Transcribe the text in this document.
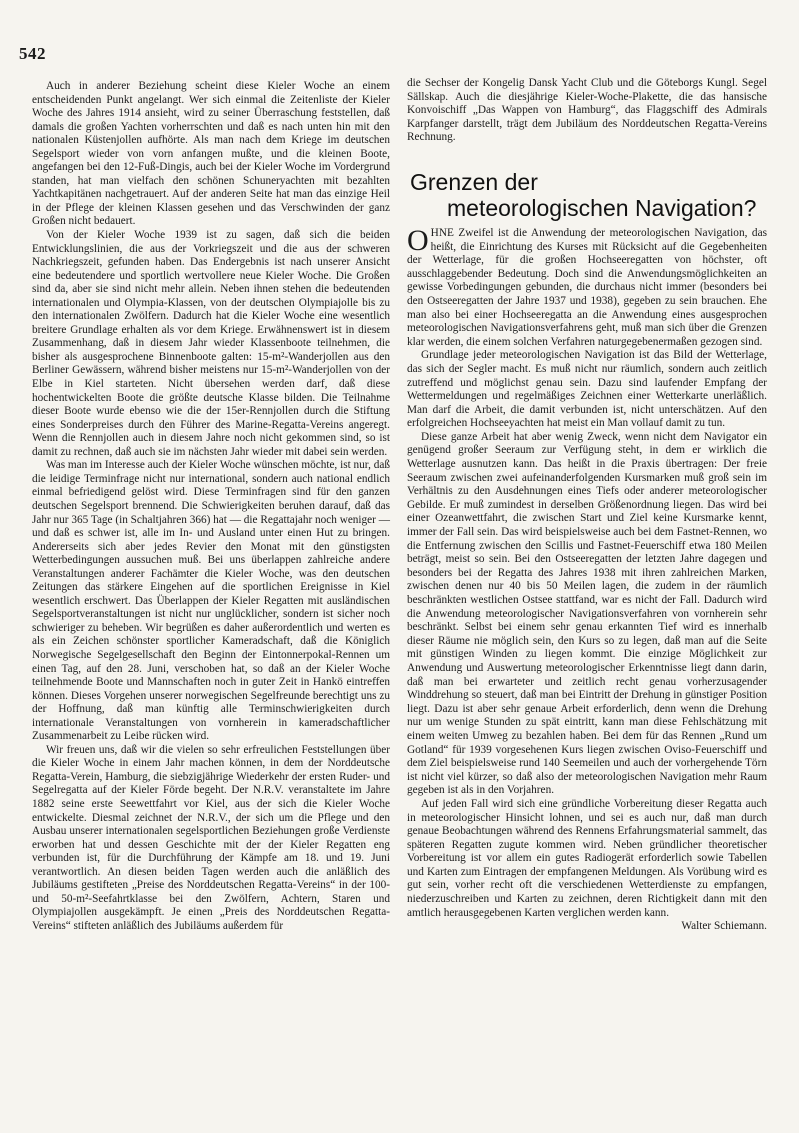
542

Auch in anderer Beziehung scheint diese Kieler Woche an einem entscheidenden Punkt angelangt. Wer sich einmal die Zeitenliste der Kieler Woche des Jahres 1914 ansieht, wird zu seiner Überraschung feststellen, daß damals die großen Yachten vorherrschten und daß es nach unten hin mit den nationalen Küstenjollen aufhörte. Als man nach dem Kriege im deutschen Segelsport wieder von vorn anfangen mußte, und die kleinen Boote, angefangen bei den 12-Fuß-Dingis, auch bei der Kieler Woche im Vordergrund standen, hat man vielfach den schönen Schuneryachten mit bezahlten Yachtkapitänen nachgetrauert. Auf der anderen Seite hat man das einzige Heil in der Pflege der kleinen Klassen gesehen und das Verschwinden der ganz Großen nicht bedauert.

Von der Kieler Woche 1939 ist zu sagen, daß sich die beiden Entwicklungslinien, die aus der Vorkriegszeit und die aus der schweren Nachkriegszeit, gefunden haben. Das Endergebnis ist nach unserer Ansicht eine bedeutendere und sportlich wertvollere neue Kieler Woche. Die Großen sind da, aber sie sind nicht mehr allein. Neben ihnen stehen die bedeutenden internationalen und Olympia-Klassen, von der deutschen Olympiajolle bis zu den internationalen Zwölfern. Dadurch hat die Kieler Woche eine wesentlich breitere Grundlage erhalten als vor dem Kriege. Erwähnenswert ist in diesem Zusammenhang, daß in diesem Jahr wieder Klassenboote teilnehmen, die bisher als ausgesprochene Binnenboote galten: 15-m²-Wanderjollen aus den Berliner Gewässern, während bisher meistens nur 15-m²-Wanderjollen von der Elbe in Kiel starteten. Nicht übersehen werden darf, daß diese hochentwickelten Boote die größte deutsche Klasse bilden. Die Teilnahme dieser Boote wurde ebenso wie die der 15er-Rennjollen durch die Stiftung eines Sonderpreises durch den Führer des Marine-Regatta-Vereins angeregt. Wenn die Rennjollen auch in diesem Jahre noch nicht gekommen sind, so ist damit zu rechnen, daß auch sie im nächsten Jahr wieder mit dabei sein werden.

Was man im Interesse auch der Kieler Woche wünschen möchte, ist nur, daß die leidige Terminfrage nicht nur international, sondern auch national endlich einmal befriedigend gelöst wird. Diese Terminfragen sind für den ganzen deutschen Segelsport brennend. Die Schwierigkeiten beruhen darauf, daß das Jahr nur 365 Tage (in Schaltjahren 366) hat — die Regattajahr noch weniger — und daß es schwer ist, alle im In- und Ausland unter einen Hut zu bringen. Andererseits sich aber jedes Revier den Monat mit den günstigsten Wetterbedingungen aussuchen muß. Bei uns überlappen zahlreiche andere Veranstaltungen anderer Fachämter die Kieler Woche, was den deutschen Zeitungen das stärkere Eingehen auf die sportlichen Ereignisse in Kiel wesentlich erschwert. Das Überlappen der Kieler Regatten mit ausländischen Segelsportveranstaltungen ist nicht nur unglücklicher, sondern ist sicher noch schwieriger zu beheben. Wir begrüßen es daher außerordentlich und werten es als ein Zeichen schönster sportlicher Kameradschaft, daß die Königlich Norwegische Segelgesellschaft den Beginn der Eintonnerpokal-Rennen um einen Tag, auf den 28. Juni, verschoben hat, so daß an der Kieler Woche teilnehmende Boote und Mannschaften noch in guter Zeit in Hankö eintreffen können. Dieses Vorgehen unserer norwegischen Segelfreunde berechtigt uns zu der Hoffnung, daß man künftig alle Terminschwierigkeiten durch internationale Veranstaltungen von vornherein in kameradschaftlicher Zusammenarbeit zu Leibe rücken wird.

Wir freuen uns, daß wir die vielen so sehr erfreulichen Feststellungen über die Kieler Woche in einem Jahr machen können, in dem der Norddeutsche Regatta-Verein, Hamburg, die siebzigjährige Wiederkehr der ersten Ruder- und Segelregatta auf der Kieler Förde begeht. Der N.R.V. veranstaltete im Jahre 1882 seine erste Seewettfahrt vor Kiel, aus der sich die Kieler Woche entwickelte. Diesmal zeichnet der N.R.V., der sich um die Pflege und den Ausbau unserer internationalen segelsportlichen Beziehungen große Verdienste erworben hat und dessen Geschichte mit der der Kieler Regatten eng verbunden ist, für die Durchführung der Kämpfe am 18. und 19. Juni verantwortlich. An diesen beiden Tagen werden auch die anläßlich des Jubiläums gestifteten „Preise des Norddeutschen Regatta-Vereins“ in der 100- und 50-m²-Seefahrtklasse bei den Zwölfern, Achtern, Staren und Olympiajollen ausgekämpft. Je einen „Preis des Norddeutschen Regatta-Vereins“ stifteten anläßlich des Jubiläums außerdem für

die Sechser der Kongelig Dansk Yacht Club und die Göteborgs Kungl. Segel Sällskap. Auch die diesjährige Kieler-Woche-Plakette, die das hansische Konvoischiff „Das Wappen von Hamburg“, das Flaggschiff des Admirals Karpfanger darstellt, trägt dem Jubiläum des Norddeutschen Regatta-Vereins Rechnung.

Grenzen der
meteorologischen Navigation?

OHNE Zweifel ist die Anwendung der meteorologischen Navigation, das heißt, die Einrichtung des Kurses mit Rücksicht auf die Gegebenheiten der Wetterlage, für die großen Hochseeregatten von höchster, oft ausschlaggebender Bedeutung. Doch sind die Anwendungsmöglichkeiten an gewisse Vorbedingungen gebunden, die durchaus nicht immer (besonders bei den Ostseeregatten der Jahre 1937 und 1938), gegeben zu sein brauchen. Ehe man also bei einer Hochseeregatta an die Anwendung eines ausgesprochen meteorologischen Navigationsverfahrens geht, muß man sich über die Grenzen klar werden, die einem solchen Verfahren naturgegebenermaßen gezogen sind.

Grundlage jeder meteorologischen Navigation ist das Bild der Wetterlage, das sich der Segler macht. Es muß nicht nur räumlich, sondern auch zeitlich zutreffend und möglichst genau sein. Dazu sind laufender Empfang der Wettermeldungen und regelmäßiges Zeichnen einer Wetterkarte unerläßlich. Man darf die Arbeit, die damit verbunden ist, nicht unterschätzen. Auf den erfolgreichen Hochseeyachten hat meist ein Man vollauf damit zu tun.

Diese ganze Arbeit hat aber wenig Zweck, wenn nicht dem Navigator ein genügend großer Seeraum zur Verfügung steht, in dem er wirklich die Wetterlage ausnutzen kann. Das heißt in die Praxis übertragen: Der freie Seeraum zwischen zwei aufeinanderfolgenden Kursmarken muß groß sein im Verhältnis zu den Ausdehnungen eines Tiefs oder anderer meteorologischer Gebilde. Er muß zumindest in derselben Größenordnung liegen. Das wird bei einer Ozeanwettfahrt, die zwischen Start und Ziel keine Kursmarke kennt, immer der Fall sein. Das wird beispielsweise auch bei dem Fastnet-Rennen, wo die Entfernung zwischen den Scillis und Fastnet-Feuerschiff etwa 180 Meilen beträgt, meist so sein. Bei den Ostseeregatten der letzten Jahre dagegen und besonders bei der Regatta des Jahres 1938 mit ihren zahlreichen Marken, zwischen denen nur 40 bis 50 Meilen lagen, die zudem in der räumlich beschränkten westlichen Ostsee stattfand, war es nicht der Fall. Dadurch wird die Anwendung meteorologischer Navigationsverfahren von vornherein sehr beschränkt. Selbst bei einem sehr genau erkannten Tief wird es innerhalb dieser Räume nie möglich sein, den Kurs so zu legen, daß man auf die Seite mit günstigen Winden zu liegen kommt. Die einzige Möglichkeit zur Anwendung und Auswertung meteorologischer Erkenntnisse liegt dann darin, daß man bei erwarteter und zeitlich recht genau vorherzusagender Winddrehung so steuert, daß man bei Eintritt der Drehung in günstiger Position liegt. Dazu ist aber sehr genaue Arbeit erforderlich, denn wenn die Drehung nur um wenige Stunden zu spät eintritt, kann man diese Fehlschätzung mit einem weiten Umweg zu bezahlen haben. Bei dem für das Rennen „Rund um Gotland“ für 1939 vorgesehenen Kurs liegen zwischen Oviso-Feuerschiff und dem Ziel beispielsweise rund 140 Seemeilen und auch der vorhergehende Törn ist nicht viel kürzer, so daß also der meteorologischen Navigation mehr Raum gegeben ist als in den Vorjahren.

Auf jeden Fall wird sich eine gründliche Vorbereitung dieser Regatta auch in meteorologischer Hinsicht lohnen, und sei es auch nur, daß man durch genaue Beobachtungen während des Rennens Erfahrungsmaterial sammelt, das späteren Regatten zugute kommen wird. Neben gründlicher theoretischer Vorbereitung ist vor allem ein gutes Radiogerät erforderlich sowie Tabellen und Karten zum Eintragen der empfangenen Meldungen. Als Vorübung wird es gut sein, vorher recht oft die verschiedenen Wetterdienste zu empfangen, niederzuschreiben und Karten zu zeichnen, deren Richtigkeit dann mit den amtlich herausgegebenen Karten verglichen werden kann.

Walter Schiemann.
